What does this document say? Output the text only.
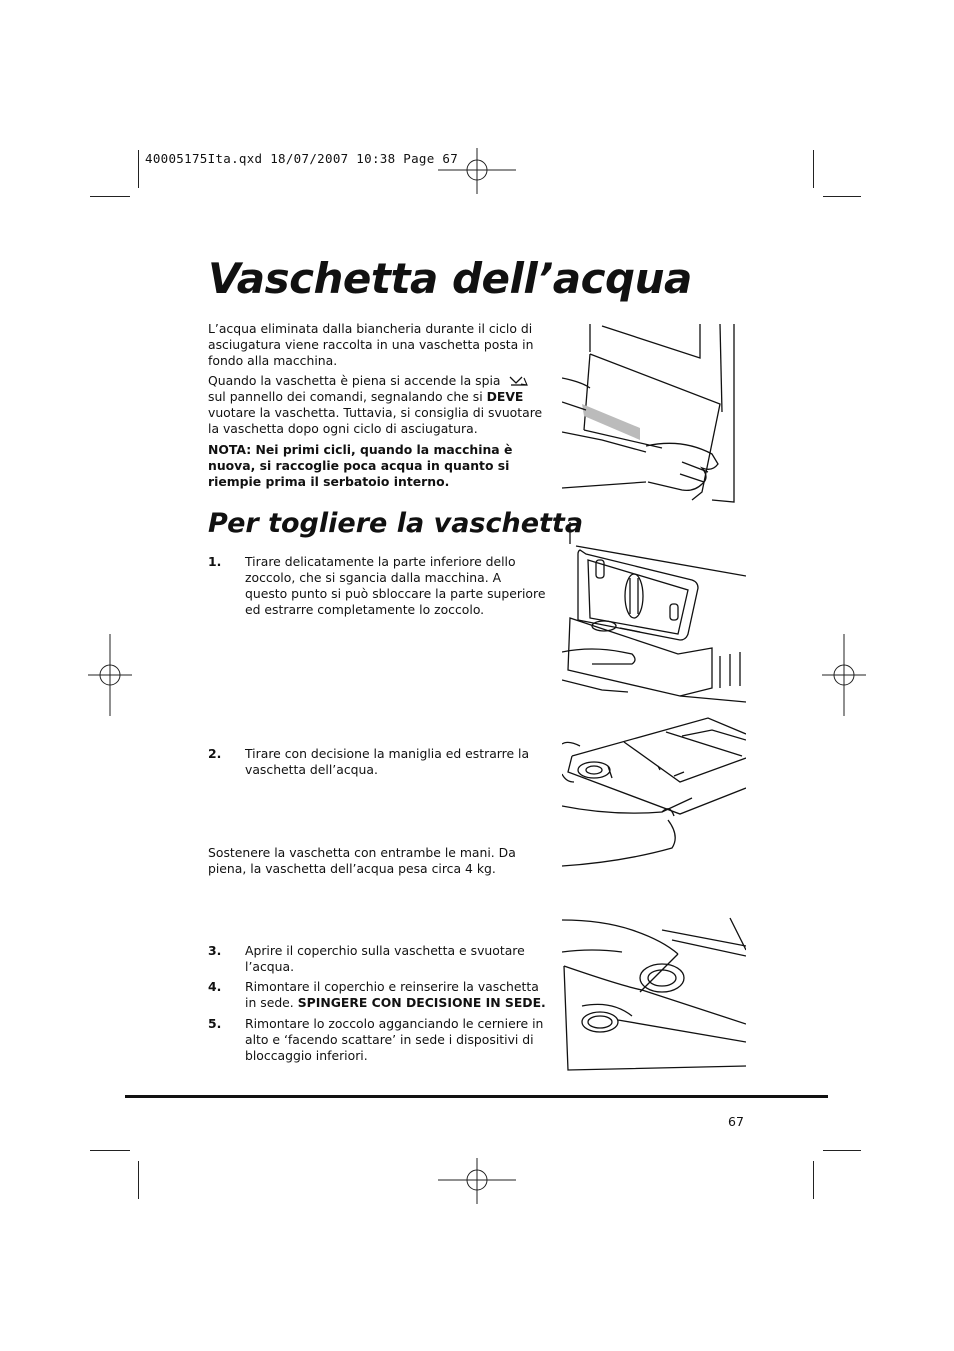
40005175Ita.qxd 18/07/2007 10:38 Page 67
Vaschetta dell’acqua

L’acqua eliminata dalla biancheria durante il ciclo di asciugatura viene raccolta in una vaschetta posta in fondo alla macchina.

Quando la vaschetta è piena si accende la spia
sul pannello dei comandi, segnalando che si DEVE vuotare la vaschetta. Tuttavia, si consiglia di svuotare la vaschetta dopo ogni ciclo di asciugatura.

NOTA: Nei primi cicli, quando la macchina è nuova, si raccoglie poca acqua in quanto si riempie prima il serbatoio interno.

Per togliere la vaschetta
1. Tirare delicatamente la parte inferiore dello zoccolo, che si sgancia dalla macchina. A questo punto si può sbloccare la parte superiore ed estrarre completamente lo zoccolo.

2. Tirare con decisione la maniglia ed estrarre la vaschetta dell’acqua.

Sostenere la vaschetta con entrambe le mani. Da piena, la vaschetta dell’acqua pesa circa 4 kg.

3. Aprire il coperchio sulla vaschetta e svuotare l’acqua.

4. Rimontare il coperchio e reinserire la vaschetta in sede. SPINGERE CON DECISIONE IN SEDE.

5. Rimontare lo zoccolo agganciando le cerniere in alto e ‘facendo scattare’ in sede i dispositivi di bloccaggio inferiori.

67
